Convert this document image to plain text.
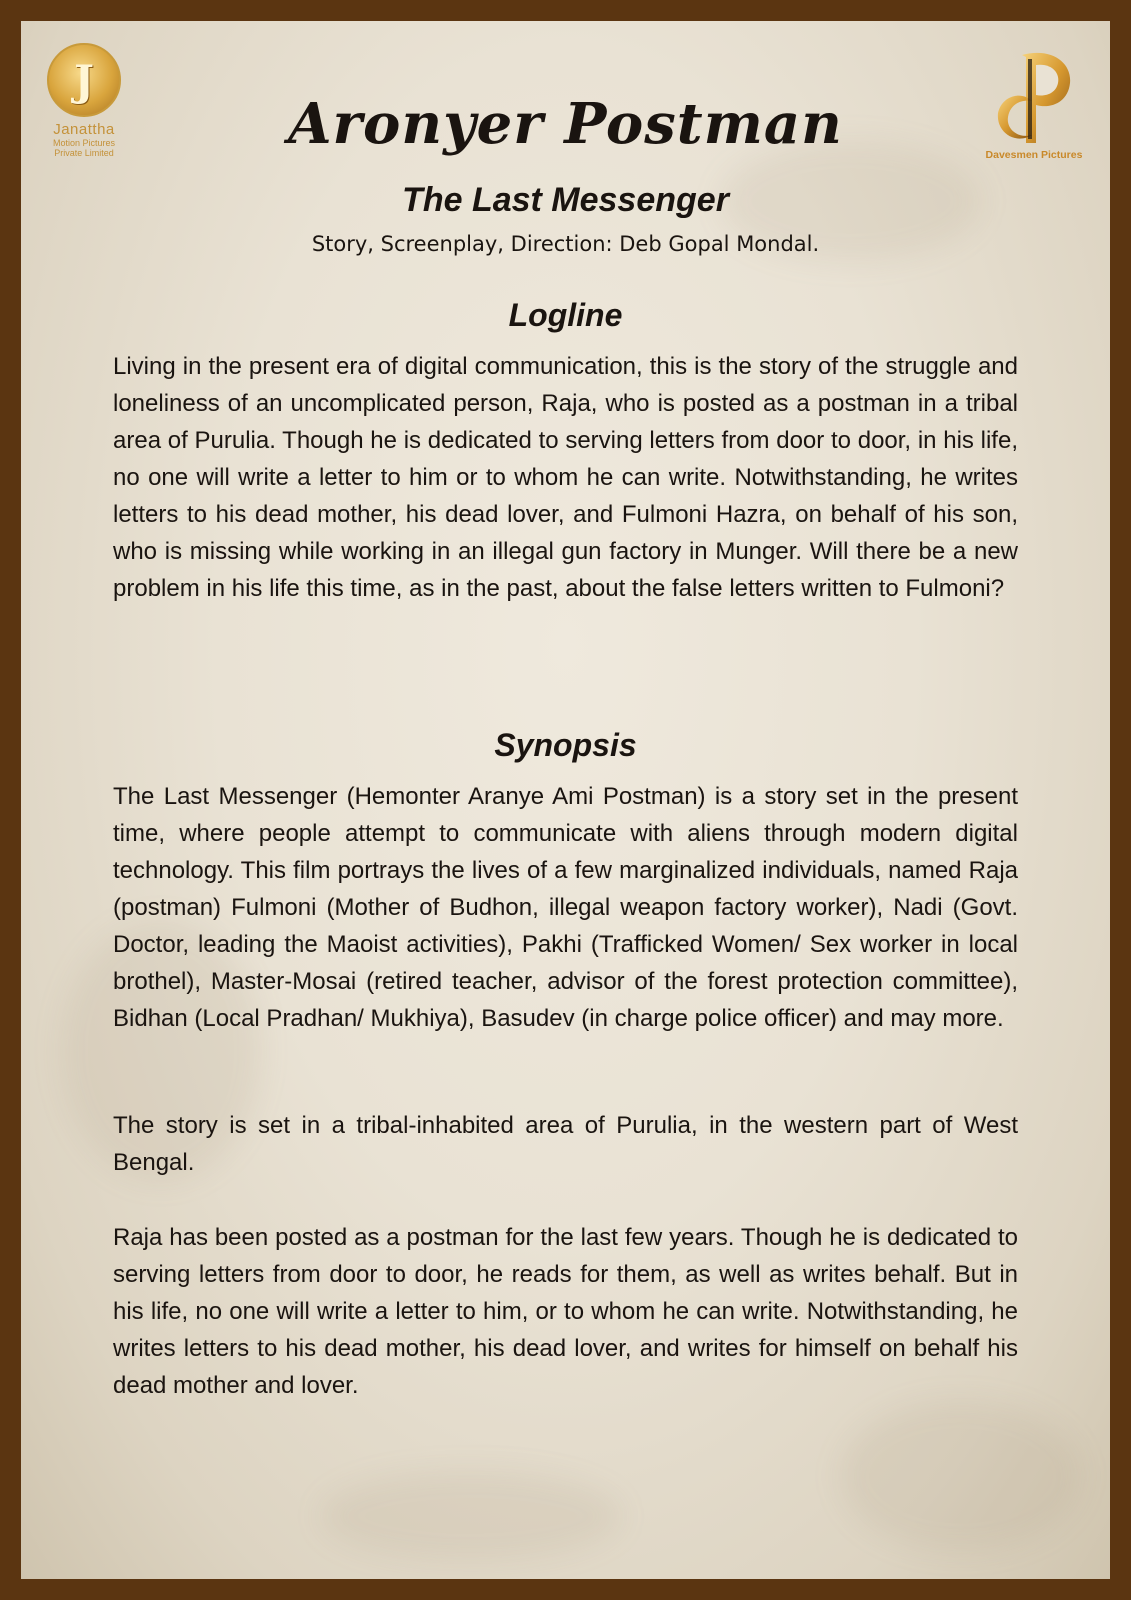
J
Janattha
Motion Pictures
Private Limited	Davesmen Pictures
Aronyer Postman
The Last Messenger
Story, Screenplay, Direction: Deb Gopal Mondal.
Logline
Living in the present era of digital communication, this is the story of the struggle and loneliness of an uncomplicated person, Raja, who is posted as a postman in a tribal area of Purulia. Though he is dedicated to serving letters from door to door, in his life, no one will write a letter to him or to whom he can write. Notwithstanding, he writes letters to his dead mother, his dead lover, and Fulmoni Hazra, on behalf of his son, who is missing while working in an illegal gun factory in Munger. Will there be a new problem in his life this time, as in the past, about the false letters written to Fulmoni?
Synopsis
The Last Messenger (Hemonter Aranye Ami Postman) is a story set in the present time, where people attempt to communicate with aliens through modern digital technology. This film portrays the lives of a few marginalized individuals, named Raja (postman) Fulmoni (Mother of Budhon, illegal weapon factory worker), Nadi (Govt. Doctor, leading the Maoist activities), Pakhi (Trafficked Women/ Sex worker in local brothel), Master-Mosai (retired teacher, advisor of the forest protection committee), Bidhan (Local Pradhan/ Mukhiya), Basudev (in charge police officer) and may more.
The story is set in a tribal-inhabited area of Purulia, in the western part of West Bengal.
Raja has been posted as a postman for the last few years. Though he is dedicated to serving letters from door to door, he reads for them, as well as writes behalf. But in his life, no one will write a letter to him, or to whom he can write. Notwithstanding, he writes letters to his dead mother, his dead lover, and writes for himself on behalf his dead mother and lover.
